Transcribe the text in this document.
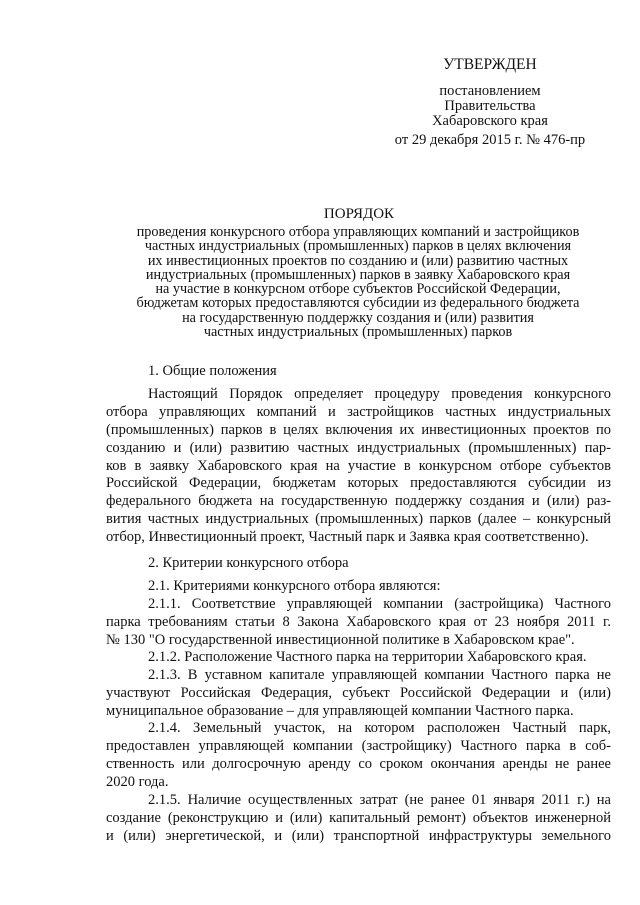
УТВЕРЖДЕН
постановлением
Правительства
Хабаровского края
от 29 декабря 2015 г. № 476-пр
ПОРЯДОК
проведения конкурсного отбора управляющих компаний и застройщиков
частных индустриальных (промышленных) парков в целях включения
их инвестиционных проектов по созданию и (или) развитию частных
индустриальных (промышленных) парков в заявку Хабаровского края
на участие в конкурсном отборе субъектов Российской Федерации,
бюджетам которых предоставляются субсидии из федерального бюджета
на государственную поддержку создания и (или) развития
частных индустриальных (промышленных) парков
1. Общие положения
Настоящий Порядок определяет процедуру проведения конкурсного
отбора управляющих компаний и застройщиков частных индустриальных
(промышленных) парков в целях включения их инвестиционных проектов по
созданию и (или) развитию частных индустриальных (промышленных) пар-
ков в заявку Хабаровского края на участие в конкурсном отборе субъектов
Российской Федерации, бюджетам которых предоставляются субсидии из
федерального бюджета на государственную поддержку создания и (или) раз-
вития частных индустриальных (промышленных) парков (далее – конкурсный
отбор, Инвестиционный проект, Частный парк и Заявка края соответственно).
2. Критерии конкурсного отбора
2.1. Критериями конкурсного отбора являются:
2.1.1. Соответствие управляющей компании (застройщика) Частного
парка требованиям статьи 8 Закона Хабаровского края от 23 ноября 2011 г.
№ 130 "О государственной инвестиционной политике в Хабаровском крае".
2.1.2. Расположение Частного парка на территории Хабаровского края.
2.1.3. В уставном капитале управляющей компании Частного парка не
участвуют Российская Федерация, субъект Российской Федерации и (или)
муниципальное образование – для управляющей компании Частного парка.
2.1.4. Земельный участок, на котором расположен Частный парк,
предоставлен управляющей компании (застройщику) Частного парка в соб-
ственность или долгосрочную аренду со сроком окончания аренды не ранее
2020 года.
2.1.5. Наличие осуществленных затрат (не ранее 01 января 2011 г.) на
создание (реконструкцию и (или) капитальный ремонт) объектов инженерной
и (или) энергетической, и (или) транспортной инфраструктуры земельного
